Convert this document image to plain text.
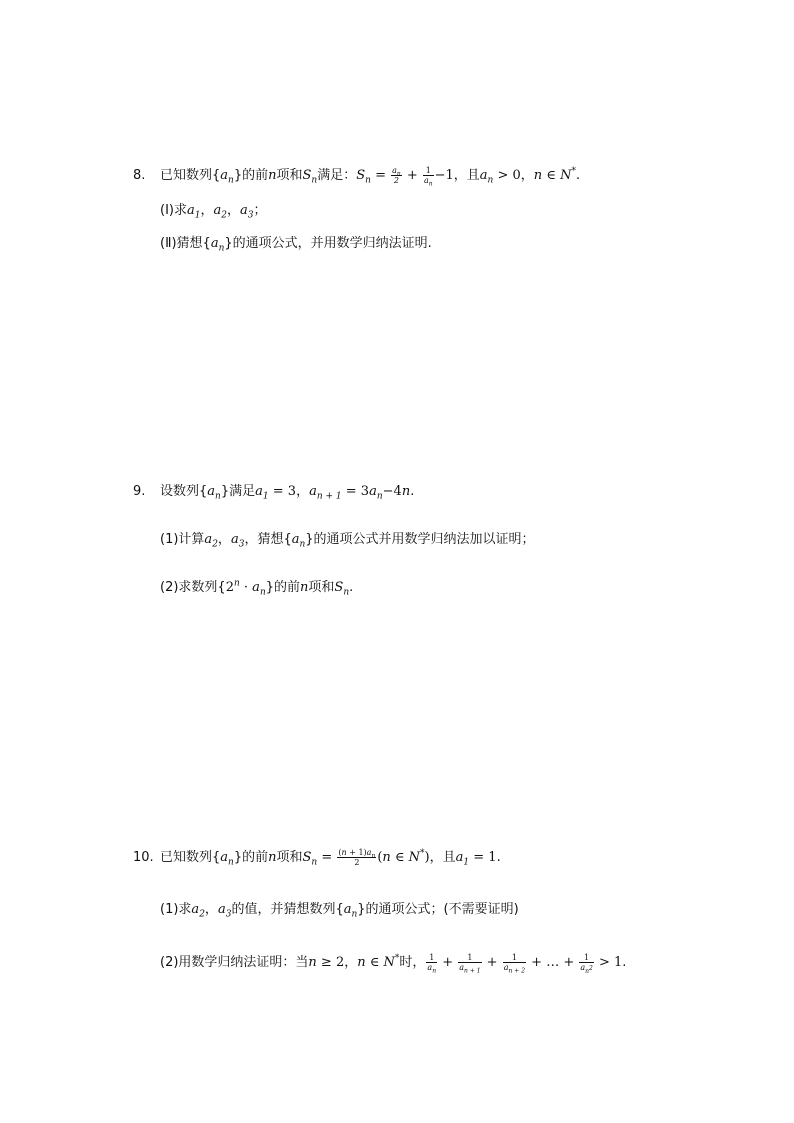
8. 已知数列$\{a_n\}$的前n项和$S_n$满足：$S_n = \frac{a_n}{2} + \frac{1}{a_n} -1$，且$a_n > 0$，n ∈ N*.
(Ⅰ)求$a_1$，$a_2$，$a_3$；
(Ⅱ)猜想$\{a_n\}$的通项公式，并用数学归纳法证明.
9. 设数列$\{a_n\}$满足$a_1 = 3$，$a_{n + 1} = 3a_n-4n$.
(1)计算$a_2$，$a_3$，猜想$\{a_n\}$的通项公式并用数学归纳法加以证明；
(2)求数列$\{2^n \cdot a_n\}$的前n项和$S_n$.
10. 已知数列$\{a_n\}$的前n项和$S_n = \frac{(n + 1)a_n}{2} (n$ ∈ N*)，且$a_1 = 1$.
(1)求$a_2$，$a_3$的值，并猜想数列$\{a_n\}$的通项公式；(不需要证明)
(2)用数学归纳法证明：当n ≥ 2，n ∈ N*时， $\frac{1}{a_n} + \frac{1}{a_{n + 1}} + \frac{1}{a_{n + 2}}$ + … + $\frac{1}{a_{n^2}} > 1$.
